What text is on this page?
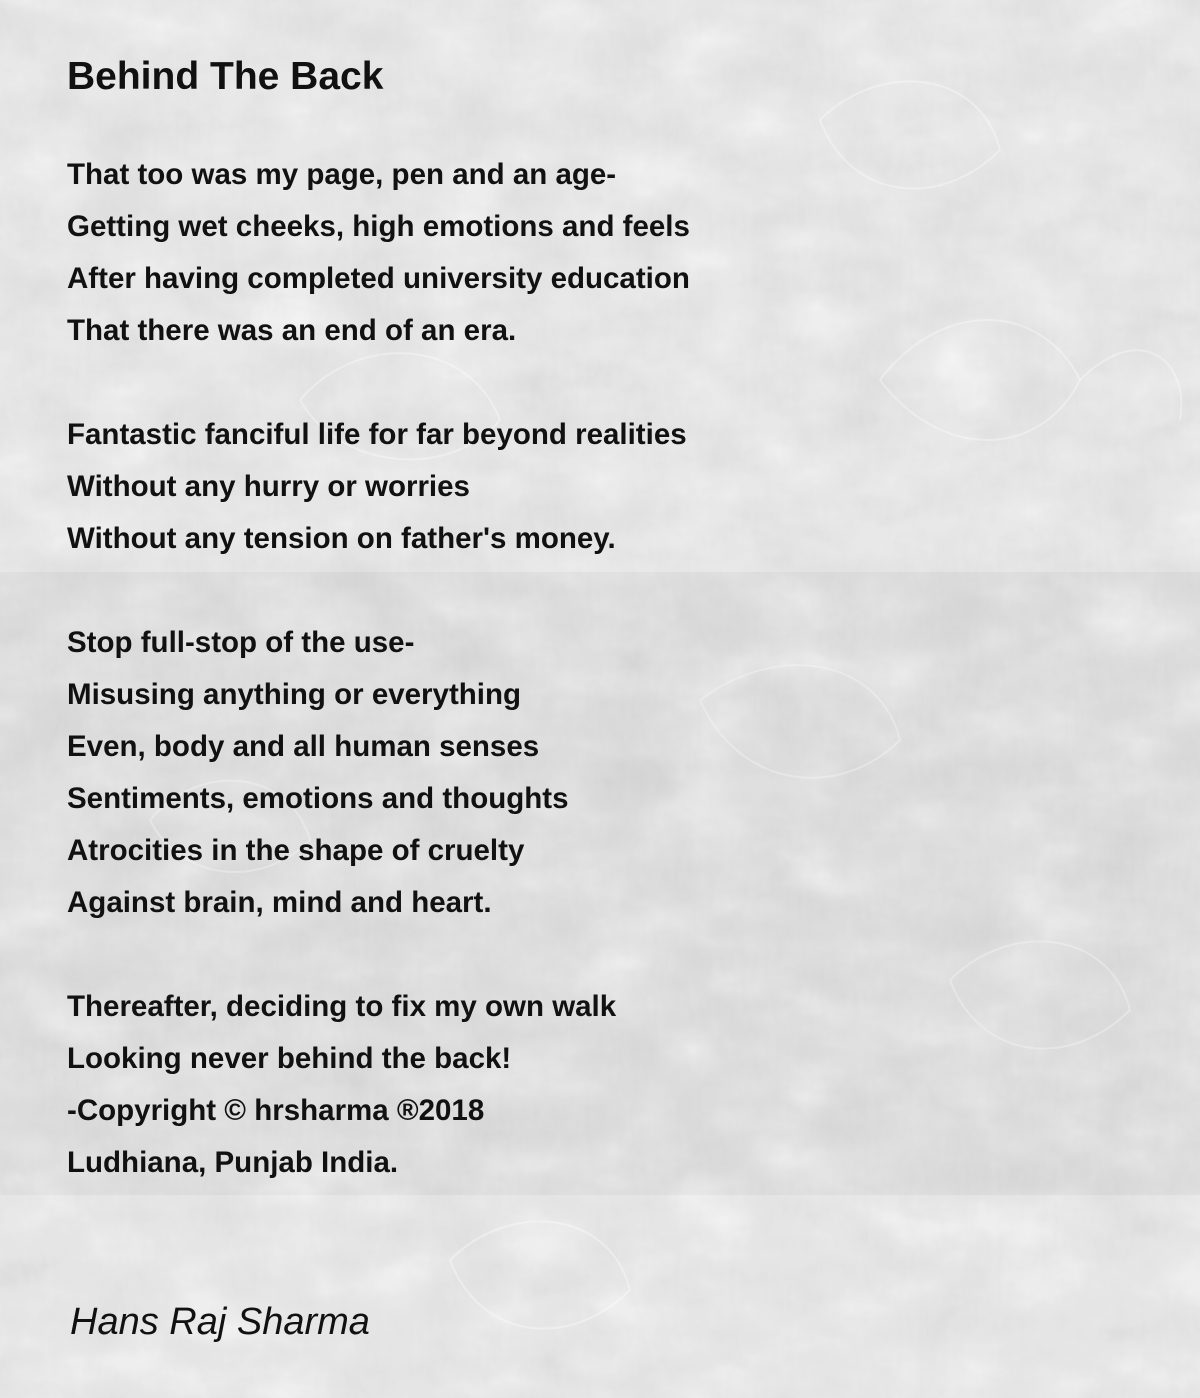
Behind The Back
That too was my page, pen and an age-
Getting wet cheeks, high emotions and feels
After having completed university education
That there was an end of an era.
Fantastic fanciful life for far beyond realities
Without any hurry or worries
Without any tension on father's money.
Stop full-stop of the use-
Misusing anything or everything
Even, body and all human senses
Sentiments, emotions and thoughts
Atrocities in the shape of cruelty
Against brain, mind and heart.
Thereafter, deciding to fix my own walk
Looking never behind the back!
-Copyright © hrsharma ®2018
Ludhiana, Punjab India.
Hans Raj Sharma
